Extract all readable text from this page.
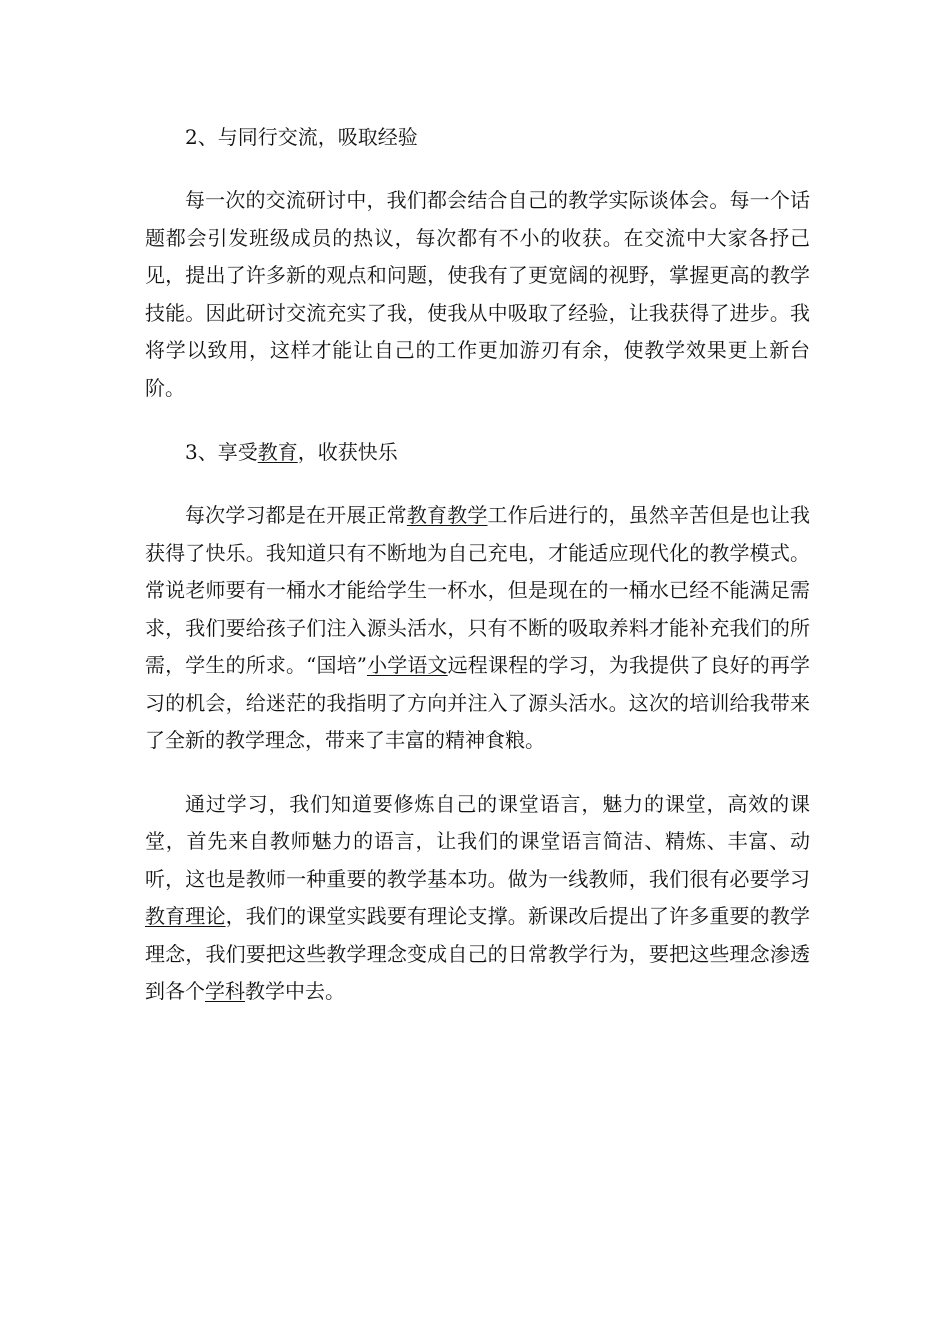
2、与同行交流，吸取经验

每一次的交流研讨中，我们都会结合自己的教学实际谈体会。每一个话题都会引发班级成员的热议，每次都有不小的收获。在交流中大家各抒己见，提出了许多新的观点和问题，使我有了更宽阔的视野，掌握更高的教学技能。因此研讨交流充实了我，使我从中吸取了经验，让我获得了进步。我将学以致用，这样才能让自己的工作更加游刃有余，使教学效果更上新台阶。

3、享受教育，收获快乐

每次学习都是在开展正常教育教学工作后进行的，虽然辛苦但是也让我获得了快乐。我知道只有不断地为自己充电，才能适应现代化的教学模式。常说老师要有一桶水才能给学生一杯水，但是现在的一桶水已经不能满足需求，我们要给孩子们注入源头活水，只有不断的吸取养料才能补充我们的所需，学生的所求。“国培”小学语文远程课程的学习，为我提供了良好的再学习的机会，给迷茫的我指明了方向并注入了源头活水。这次的培训给我带来了全新的教学理念，带来了丰富的精神食粮。

通过学习，我们知道要修炼自己的课堂语言，魅力的课堂，高效的课堂，首先来自教师魅力的语言，让我们的课堂语言简洁、精炼、丰富、动听，这也是教师一种重要的教学基本功。做为一线教师，我们很有必要学习教育理论，我们的课堂实践要有理论支撑。新课改后提出了许多重要的教学理念，我们要把这些教学理念变成自己的日常教学行为，要把这些理念渗透到各个学科教学中去。
